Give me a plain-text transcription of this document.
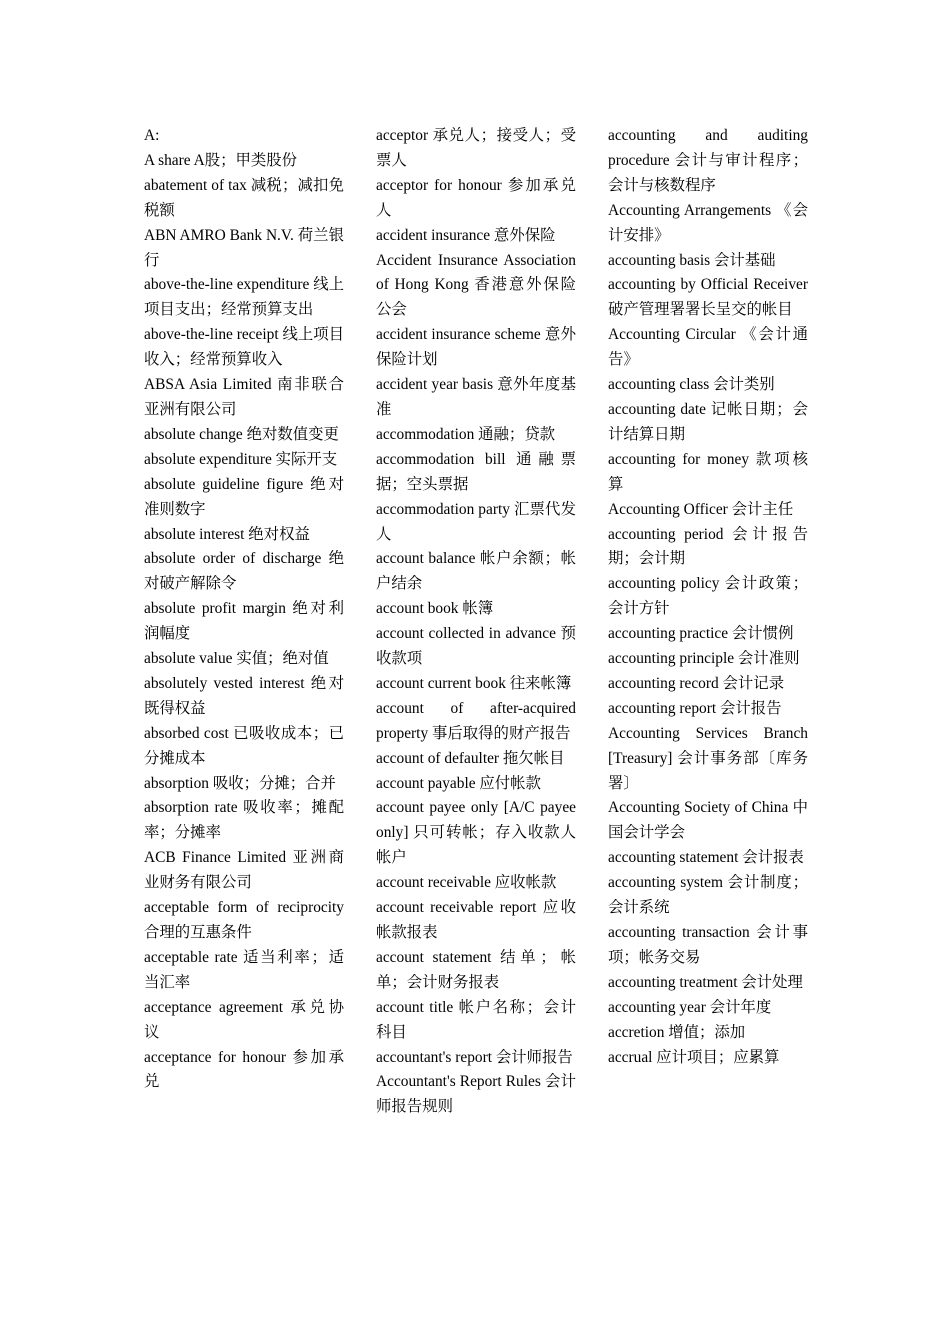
A:

A share A股；甲类股份

abatement of tax 减税；减扣免税额

ABN AMRO Bank N.V. 荷兰银行

above-the-line expenditure 线上项目支出；经常预算支出

above-the-line receipt 线上项目收入；经常预算收入

ABSA Asia Limited 南非联合亚洲有限公司

absolute change 绝对数值变更

absolute expenditure 实际开支

absolute guideline figure 绝对准则数字

absolute interest 绝对权益

absolute order of discharge 绝对破产解除令

absolute profit margin 绝对利润幅度

absolute value 实值；绝对值

absolutely vested interest 绝对既得权益

absorbed cost 已吸收成本；已分摊成本

absorption 吸收；分摊；合并

absorption rate 吸收率；摊配率；分摊率

ACB Finance Limited 亚洲商业财务有限公司

acceptable form of reciprocity 合理的互惠条件

acceptable rate 适当利率；适当汇率

acceptance agreement 承兑协议

acceptance for honour 参加承兑

acceptor 承兑人；接受人；受票人

acceptor for honour 参加承兑人

accident insurance 意外保险

Accident Insurance Association of Hong Kong 香港意外保险公会

accident insurance scheme 意外保险计划

accident year basis 意外年度基准

accommodation 通融；贷款

accommodation bill 通融票据；空头票据

accommodation party 汇票代发人

account balance 帐户余额；帐户结余

account book 帐簿

account collected in advance 预收款项

account current book 往来帐簿

account of after-acquired property 事后取得的财产报告

account of defaulter 拖欠帐目

account payable 应付帐款

account payee only [A/C payee only] 只可转帐；存入收款人帐户

account receivable 应收帐款

account receivable report 应收帐款报表

account statement 结单；帐单；会计财务报表

account title 帐户名称；会计科目

accountant's report 会计师报告

Accountant's Report Rules 会计师报告规则

accounting and auditing procedure 会计与审计程序；会计与核数程序

Accounting Arrangements 《会计安排》

accounting basis 会计基础

accounting by Official Receiver 破产管理署署长呈交的帐目

Accounting Circular 《会计通告》

accounting class 会计类别

accounting date 记帐日期；会计结算日期

accounting for money 款项核算

Accounting Officer 会计主任

accounting period 会计报告期；会计期

accounting policy 会计政策；会计方针

accounting practice 会计惯例

accounting principle 会计准则

accounting record 会计记录

accounting report 会计报告

Accounting Services Branch [Treasury] 会计事务部〔库务署〕

Accounting Society of China 中国会计学会

accounting statement 会计报表

accounting system 会计制度；会计系统

accounting transaction 会计事项；帐务交易

accounting treatment 会计处理

accounting year 会计年度

accretion 增值；添加

accrual 应计项目；应累算
